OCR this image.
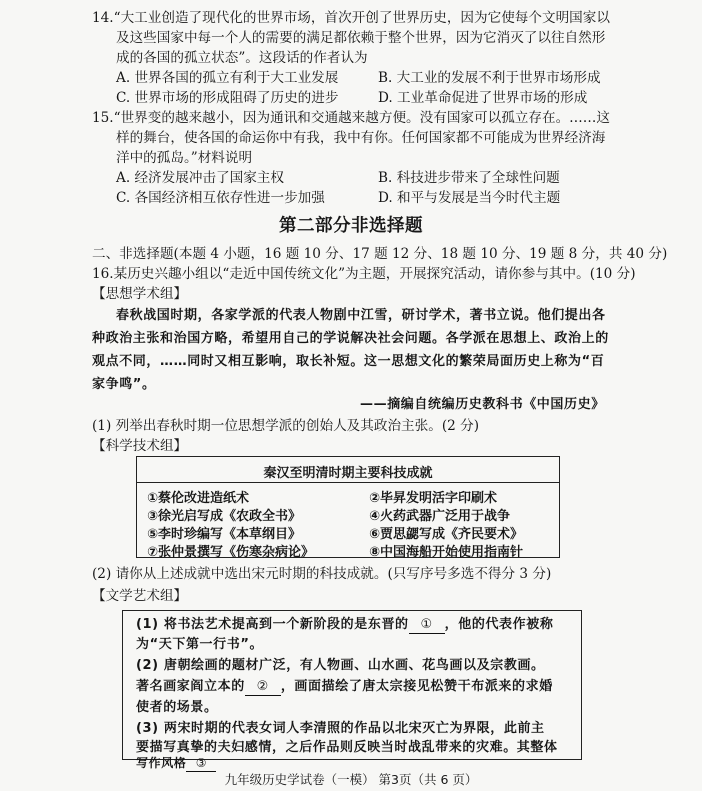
14.“大工业创造了现代化的世界市场，首次开创了世界历史，因为它使每个文明国家以
及这些国家中每一个人的需要的满足都依赖于整个世界，因为它消灭了以往自然形
成的各国的孤立状态”。这段话的作者认为
A. 世界各国的孤立有利于大工业发展	B. 大工业的发展不利于世界市场形成
C. 世界市场的形成阻碍了历史的进步	D. 工业革命促进了世界市场的形成
15.“世界变的越来越小，因为通讯和交通越来越方便。没有国家可以孤立存在。……这
样的舞台，使各国的命运你中有我，我中有你。任何国家都不可能成为世界经济海
洋中的孤岛。”材料说明
A. 经济发展冲击了国家主权	B. 科技进步带来了全球性问题
C. 各国经济相互依存性进一步加强	D. 和平与发展是当今时代主题
第二部分非选择题
二、非选择题(本题 4 小题，16 题 10 分、17 题 12 分、18 题 10 分、19 题 8 分，共 40 分)
16.某历史兴趣小组以“走近中国传统文化”为主题，开展探究活动，请你参与其中。(10 分)
【思想学术组】
春秋战国时期，各家学派的代表人物剧中江雪，研讨学术，著书立说。他们提出各
种政治主张和治国方略，希望用自己的学说解决社会问题。各学派在思想上、政治上的
观点不同，……同时又相互影响，取长补短。这一思想文化的繁荣局面历史上称为“百
家争鸣”。
——摘编自统编历史教科书《中国历史》
(1) 列举出春秋时期一位思想学派的创始人及其政治主张。(2 分)
【科学技术组】
秦汉至明清时期主要科技成就
①蔡伦改进造纸术	②毕昇发明活字印刷术
③徐光启写成《农政全书》	④火药武器广泛用于战争
⑤李时珍编写《本草纲目》	⑥贾思勰写成《齐民要术》
⑦张仲景撰写《伤寒杂病论》	⑧中国海船开始使用指南针
(2) 请你从上述成就中选出宋元时期的科技成就。(只写序号多选不得分 3 分)
【文学艺术组】
(1) 将书法艺术提高到一个新阶段的是东晋的 ① ，他的代表作被称
为“天下第一行书”。
(2) 唐朝绘画的题材广泛，有人物画、山水画、花鸟画以及宗教画。
著名画家阎立本的 ② ，画面描绘了唐太宗接见松赞干布派来的求婚
使者的场景。
(3) 两宋时期的代表女词人李清照的作品以北宋灭亡为界限，此前主
要描写真挚的夫妇感情，之后作品则反映当时战乱带来的灾难。其整体
写作风格 ③
九年级历史学试卷（一模） 第3页（共 6 页）
